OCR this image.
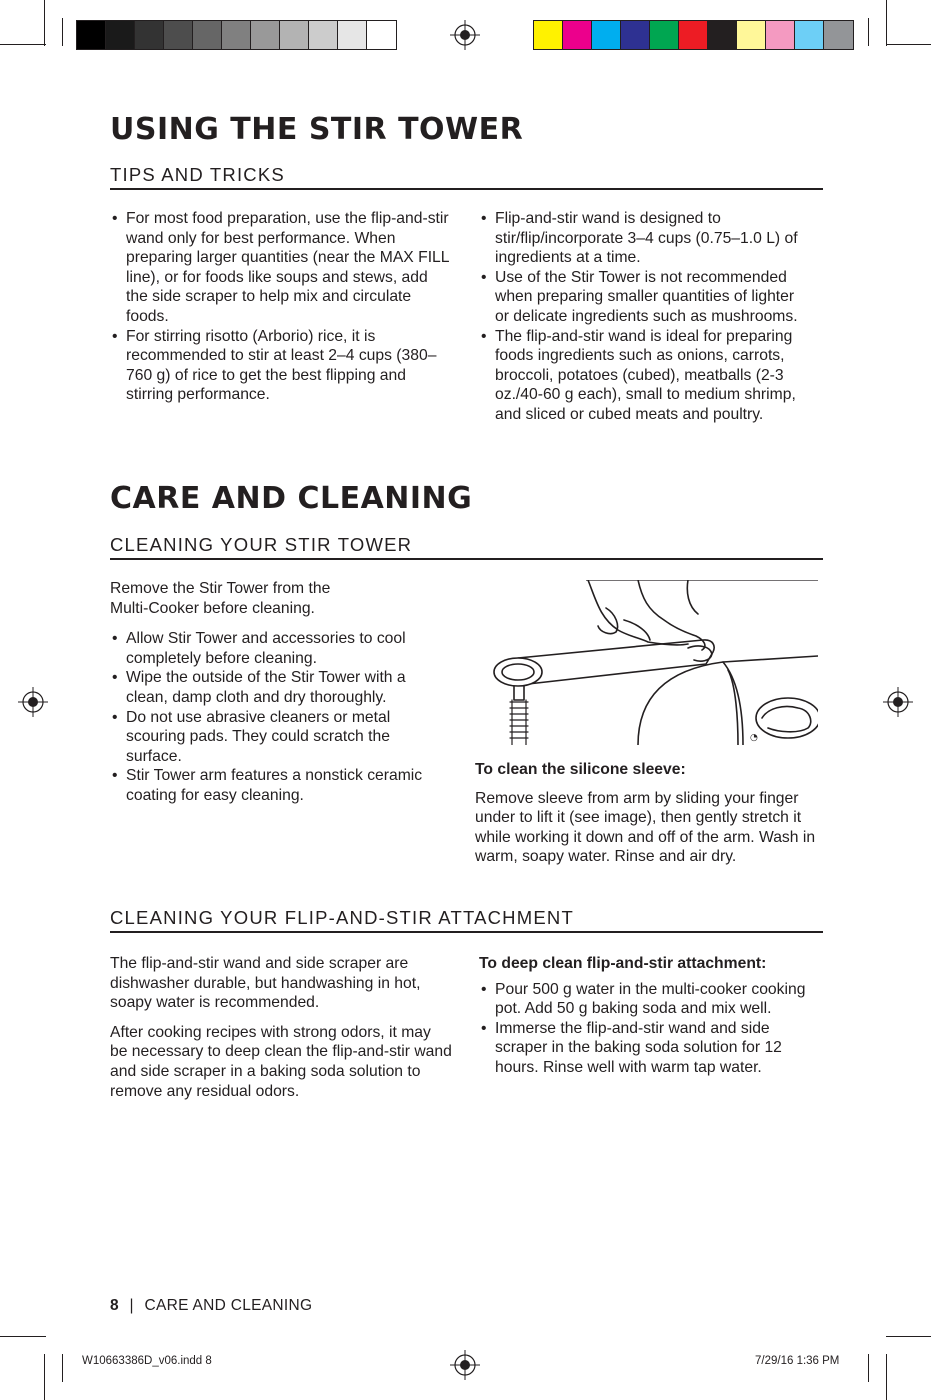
USING THE STIR TOWER
TIPS AND TRICKS
• For most food preparation, use the flip-and-stir wand only for best performance. When preparing larger quantities (near the MAX FILL line), or for foods like soups and stews, add the side scraper to help mix and circulate foods.
• For stirring risotto (Arborio) rice, it is recommended to stir at least 2–4 cups (380–760 g) of rice to get the best flipping and stirring performance.
• Flip-and-stir wand is designed to stir/flip/incorporate 3–4 cups (0.75–1.0 L) of ingredients at a time.
• Use of the Stir Tower is not recommended when preparing smaller quantities of lighter or delicate ingredients such as mushrooms.
• The flip-and-stir wand is ideal for preparing foods ingredients such as onions, carrots, broccoli, potatoes (cubed), meatballs (2-3 oz./40-60 g each), small to medium shrimp, and sliced or cubed meats and poultry.
CARE AND CLEANING
CLEANING YOUR STIR TOWER

Remove the Stir Tower from the Multi-Cooker before cleaning.

• Allow Stir Tower and accessories to cool completely before cleaning.
• Wipe the outside of the Stir Tower with a clean, damp cloth and dry thoroughly.
• Do not use abrasive cleaners or metal scouring pads. They could scratch the surface.
• Stir Tower arm features a nonstick ceramic coating for easy cleaning.
◔

To clean the silicone sleeve:

Remove sleeve from arm by sliding your finger under to lift it (see image), then gently stretch it while working it down and off of the arm. Wash in warm, soapy water. Rinse and air dry.

CLEANING YOUR FLIP-AND-STIR ATTACHMENT

The flip-and-stir wand and side scraper are dishwasher durable, but handwashing in hot, soapy water is recommended.

After cooking recipes with strong odors, it may be necessary to deep clean the flip-and-stir wand and side scraper in a baking soda solution to remove any residual odors.

To deep clean flip-and-stir attachment:

• Pour 500 g water in the multi-cooker cooking pot. Add 50 g baking soda and mix well.
• Immerse the flip-and-stir wand and side scraper in the baking soda solution for 12 hours. Rinse well with warm tap water.
8 | CARE AND CLEANING
W10663386D_v06.indd 8	7/29/16 1:36 PM
